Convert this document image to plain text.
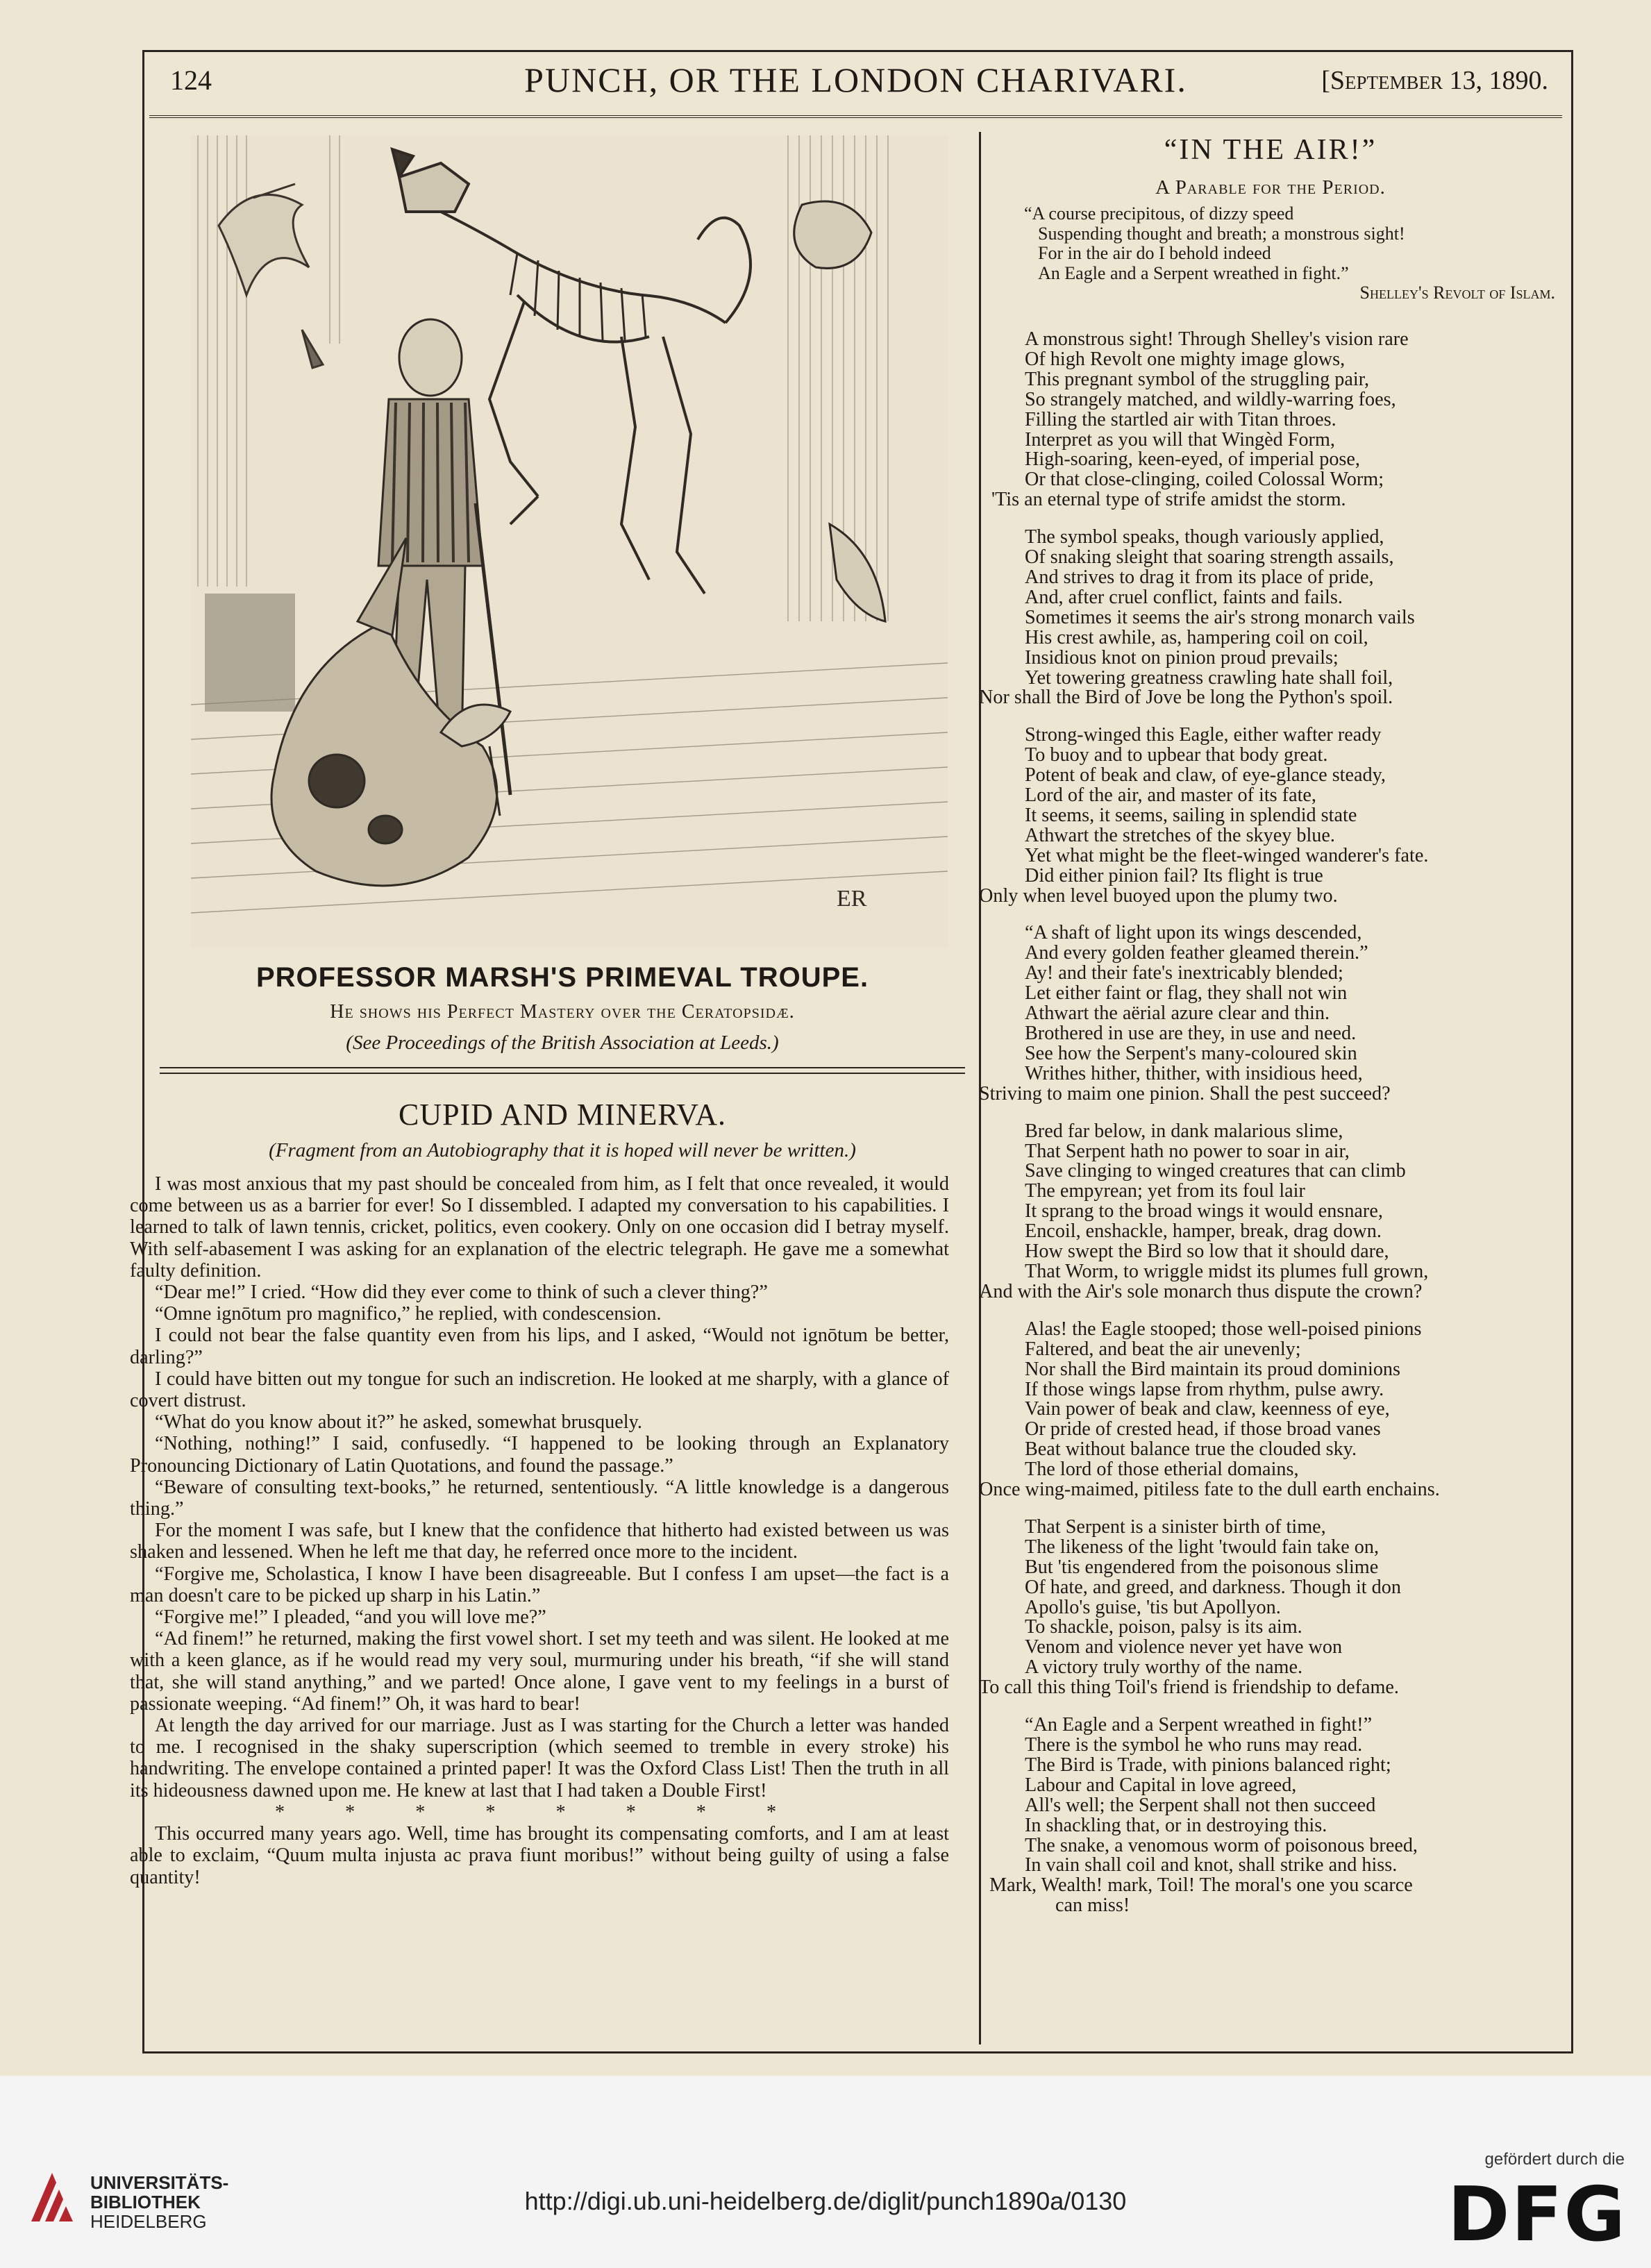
124	PUNCH, OR THE LONDON CHARIVARI.	[September 13, 1890.
ER
PROFESSOR MARSH'S PRIMEVAL TROUPE.
He shows his Perfect Mastery over the Ceratopsidæ.
(See Proceedings of the British Association at Leeds.)
CUPID AND MINERVA.
(Fragment from an Autobiography that it is hoped will never be written.)

I was most anxious that my past should be concealed from him, as I felt that once revealed, it would come between us as a barrier for ever! So I dissembled. I adapted my conversation to his capabilities. I learned to talk of lawn tennis, cricket, politics, even cookery. Only on one occasion did I betray myself. With self-abasement I was asking for an explanation of the electric telegraph. He gave me a somewhat faulty definition.

“Dear me!” I cried. “How did they ever come to think of such a clever thing?”

“Omne ignōtum pro magnifico,” he replied, with condescension.

I could not bear the false quantity even from his lips, and I asked, “Would not ignōtum be better, darling?”

I could have bitten out my tongue for such an indiscretion. He looked at me sharply, with a glance of covert distrust.

“What do you know about it?” he asked, somewhat brusquely.

“Nothing, nothing!” I said, confusedly. “I happened to be looking through an Explanatory Pronouncing Dictionary of Latin Quotations, and found the passage.”

“Beware of consulting text-books,” he returned, sententiously. “A little knowledge is a dangerous thing.”

For the moment I was safe, but I knew that the confidence that hitherto had existed between us was shaken and lessened. When he left me that day, he referred once more to the incident.

“Forgive me, Scholastica, I know I have been disagreeable. But I confess I am upset—the fact is a man doesn't care to be picked up sharp in his Latin.”

“Forgive me!” I pleaded, “and you will love me?”

“Ad finem!” he returned, making the first vowel short. I set my teeth and was silent. He looked at me with a keen glance, as if he would read my very soul, murmuring under his breath, “if she will stand that, she will stand anything,” and we parted! Once alone, I gave vent to my feelings in a burst of passionate weeping. “Ad finem!” Oh, it was hard to bear!

At length the day arrived for our marriage. Just as I was starting for the Church a letter was handed to me. I recognised in the shaky superscription (which seemed to tremble in every stroke) his handwriting. The envelope contained a printed paper! It was the Oxford Class List! Then the truth in all its hideousness dawned upon me. He knew at last that I had taken a Double First!

* * * * * * * *

This occurred many years ago. Well, time has brought its compensating comforts, and I am at least able to exclaim, “Quum multa injusta ac prava fiunt moribus!” without being guilty of using a false quantity!

“IN THE AIR!”
A Parable for the Period.
“A course precipitous, of dizzy speed
Suspending thought and breath; a monstrous sight!
For in the air do I behold indeed
An Eagle and a Serpent wreathed in fight.”
Shelley's Revolt of Islam.
A monstrous sight! Through Shelley's vision rare
Of high Revolt one mighty image glows,
This pregnant symbol of the struggling pair,
So strangely matched, and wildly-warring foes,
Filling the startled air with Titan throes.
Interpret as you will that Wingèd Form,
High-soaring, keen-eyed, of imperial pose,
Or that close-clinging, coiled Colossal Worm;
'Tis an eternal type of strife amidst the storm.
The symbol speaks, though variously applied,
Of snaking sleight that soaring strength assails,
And strives to drag it from its place of pride,
And, after cruel conflict, faints and fails.
Sometimes it seems the air's strong monarch vails
His crest awhile, as, hampering coil on coil,
Insidious knot on pinion proud prevails;
Yet towering greatness crawling hate shall foil,
Nor shall the Bird of Jove be long the Python's spoil.
Strong-winged this Eagle, either wafter ready
To buoy and to upbear that body great.
Potent of beak and claw, of eye-glance steady,
Lord of the air, and master of its fate,
It seems, it seems, sailing in splendid state
Athwart the stretches of the skyey blue.
Yet what might be the fleet-winged wanderer's fate.
Did either pinion fail? Its flight is true
Only when level buoyed upon the plumy two.
“A shaft of light upon its wings descended,
And every golden feather gleamed therein.”
Ay! and their fate's inextricably blended;
Let either faint or flag, they shall not win
Athwart the aërial azure clear and thin.
Brothered in use are they, in use and need.
See how the Serpent's many-coloured skin
Writhes hither, thither, with insidious heed,
Striving to maim one pinion. Shall the pest succeed?
Bred far below, in dank malarious slime,
That Serpent hath no power to soar in air,
Save clinging to winged creatures that can climb
The empyrean; yet from its foul lair
It sprang to the broad wings it would ensnare,
Encoil, enshackle, hamper, break, drag down.
How swept the Bird so low that it should dare,
That Worm, to wriggle midst its plumes full grown,
And with the Air's sole monarch thus dispute the crown?
Alas! the Eagle stooped; those well-poised pinions
Faltered, and beat the air unevenly;
Nor shall the Bird maintain its proud dominions
If those wings lapse from rhythm, pulse awry.
Vain power of beak and claw, keenness of eye,
Or pride of crested head, if those broad vanes
Beat without balance true the clouded sky.
The lord of those etherial domains,
Once wing-maimed, pitiless fate to the dull earth enchains.
That Serpent is a sinister birth of time,
The likeness of the light 'twould fain take on,
But 'tis engendered from the poisonous slime
Of hate, and greed, and darkness. Though it don
Apollo's guise, 'tis but Apollyon.
To shackle, poison, palsy is its aim.
Venom and violence never yet have won
A victory truly worthy of the name.
To call this thing Toil's friend is friendship to defame.
“An Eagle and a Serpent wreathed in fight!”
There is the symbol he who runs may read.
The Bird is Trade, with pinions balanced right;
Labour and Capital in love agreed,
All's well; the Serpent shall not then succeed
In shackling that, or in destroying this.
The snake, a venomous worm of poisonous breed,
In vain shall coil and knot, shall strike and hiss.
Mark, Wealth! mark, Toil! The moral's one you scarce
can miss!
UNIVERSITÄTS-
BIBLIOTHEK
HEIDELBERG
http://digi.ub.uni-heidelberg.de/diglit/punch1890a/0130
gefördert durch die
DFG
